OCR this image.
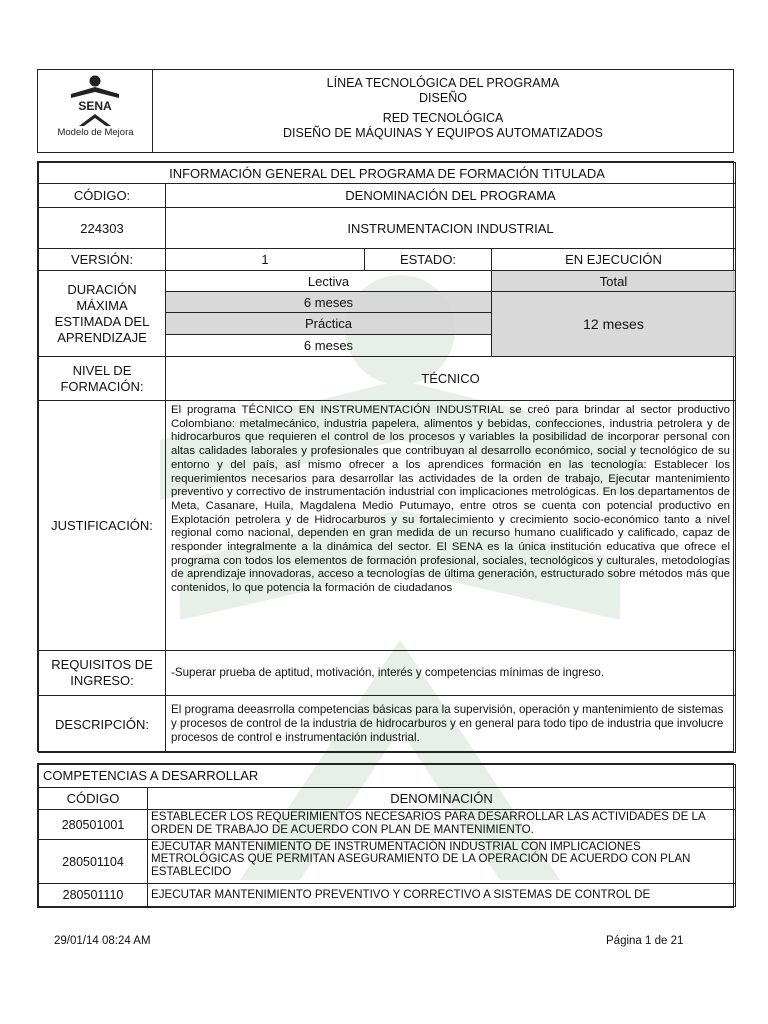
SENA
Modelo de Mejora
LÍNEA TECNOLÓGICA DEL PROGRAMA
DISEÑO
RED TECNOLÓGICA
DISEÑO DE MÁQUINAS Y EQUIPOS AUTOMATIZADOS
INFORMACIÓN GENERAL DEL PROGRAMA DE FORMACIÓN TITULADA			
CÓDIGO:	DENOMINACIÓN DEL PROGRAMA		
224303	INSTRUMENTACION INDUSTRIAL		
VERSIÓN:	1	ESTADO:	EN EJECUCIÓN
DURACIÓN MÁXIMA ESTIMADA DEL APRENDIZAJE	Lectiva		Total
	6 meses		12 meses
	Práctica		
	6 meses		
NIVEL DE FORMACIÓN:	TÉCNICO		
JUSTIFICACIÓN:	El programa TÉCNICO EN INSTRUMENTACIÓN INDUSTRIAL se creó para brindar al sector productivo Colombiano: metalmecánico, industria papelera, alimentos y bebidas, confecciones, industria petrolera y de hidrocarburos que requieren el control de los procesos y variables la posibilidad de incorporar personal con altas calidades laborales y profesionales que contribuyan al desarrollo económico, social y tecnológico de su entorno y del país, así mismo ofrecer a los aprendices formación en las tecnología: Establecer los requerimientos necesarios para desarrollar las actividades de la orden de trabajo, Ejecutar mantenimiento preventivo y correctivo de instrumentación industrial con implicaciones metrológicas. En los departamentos de Meta, Casanare, Huila, Magdalena Medio Putumayo, entre otros se cuenta con potencial productivo en Explotación petrolera y de Hidrocarburos y su fortalecimiento y crecimiento socio-económico tanto a nivel regional como nacional, dependen en gran medida de un recurso humano cualificado y calificado, capaz de responder integralmente a la dinámica del sector. El SENA es la única institución educativa que ofrece el programa con todos los elementos de formación profesional, sociales, tecnológicos y culturales, metodologías de aprendizaje innovadoras, acceso a tecnologías de última generación, estructurado sobre métodos más que contenidos, lo que potencia la formación de ciudadanos		
REQUISITOS DE INGRESO:	-Superar prueba de aptitud, motivación, interés y competencias mínimas de ingreso.		
DESCRIPCIÓN:	El programa deeasrrolla competencias básicas para la supervisión, operación y mantenimiento de sistemas y procesos de control de la industria de hidrocarburos y en general para todo tipo de industria que involucre procesos de control e instrumentación industrial.		
COMPETENCIAS A DESARROLLAR	
CÓDIGO	DENOMINACIÓN
280501001	ESTABLECER LOS REQUERIMIENTOS NECESARIOS PARA DESARROLLAR LAS ACTIVIDADES DE LA ORDEN DE TRABAJO DE ACUERDO CON PLAN DE MANTENIMIENTO.
280501104	EJECUTAR MANTENIMIENTO DE INSTRUMENTACIÓN INDUSTRIAL CON IMPLICACIONES METROLÓGICAS QUE PERMITAN ASEGURAMIENTO DE LA OPERACIÓN DE ACUERDO CON PLAN ESTABLECIDO
280501110	EJECUTAR MANTENIMIENTO PREVENTIVO Y CORRECTIVO A SISTEMAS DE CONTROL DE
29/01/14 08:24 AM	Página 1 de 21
